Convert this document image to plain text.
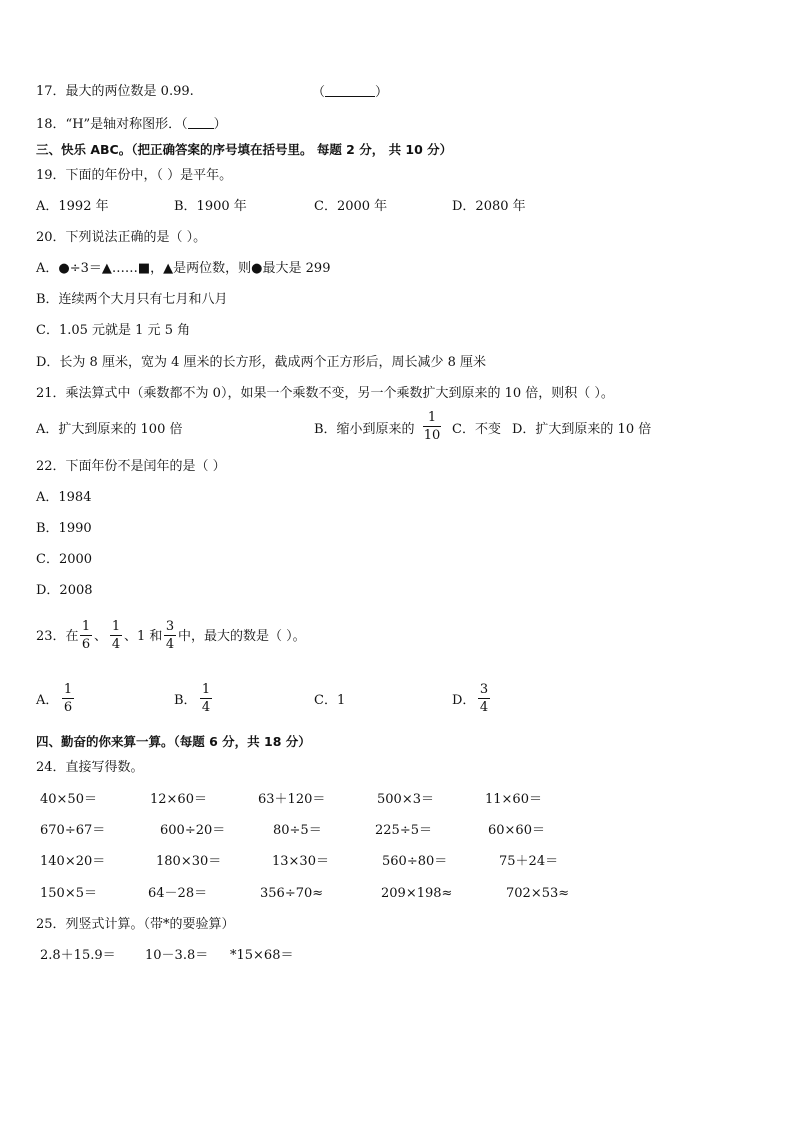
17．最大的两位数是 0.99.	（	）
18．“H”是轴对称图形．（ ）
三、快乐 ABC。（把正确答案的序号填在括号里。 每题 2 分， 共 10 分）
19．下面的年份中，（ ）是平年。
A．1992 年	B．1900 年	C．2000 年	D．2080 年
20．下列说法正确的是（ ）。
A．●÷3＝▲……■，▲是两位数，则●最大是 299
B．连续两个大月只有七月和八月
C．1.05 元就是 1 元 5 角
D．长为 8 厘米，宽为 4 厘米的长方形，截成两个正方形后，周长减少 8 厘米
21．乘法算式中（乘数都不为 0），如果一个乘数不变，另一个乘数扩大到原来的 10 倍，则积（ ）。
A．扩大到原来的 100 倍	B．缩小到原来的
1
10 C．不变 D．扩大到原来的 10 倍
22．下面年份不是闰年的是（ ）
A．1984
B．1990
C．2000
D．2008
23．在
1
6
、
1
4
、1 和
3
4
中，最大的数是（ ）。
A．
1
6	B．
1
4	C．1	D．
3
4
四、勤奋的你来算一算。（每题 6 分，共 18 分）
24．直接写得数。
40×50＝	12×60＝	63＋120＝	500×3＝	11×60＝
670÷67＝	600÷20＝	80÷5＝	225÷5＝	60×60＝
140×20＝	180×30＝	13×30＝	560÷80＝	75＋24＝
150×5＝	64－28＝	356÷70≈	209×198≈	702×53≈
25．列竖式计算。（带*的要验算）
2.8＋15.9＝ 10－3.8＝ *15×68＝
